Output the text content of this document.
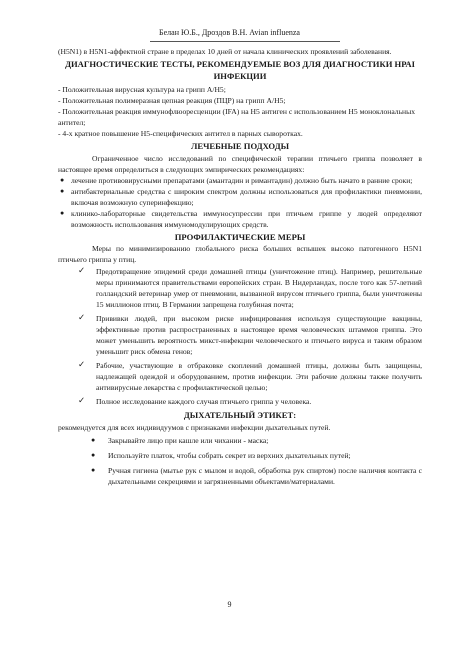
Белан Ю.Б., Дроздов В.Н. Avian influenza

(H5N1) в H5N1-аффектной стране в пределах 10 дней от начала клинических проявлений заболевания.

ДИАГНОСТИЧЕСКИЕ ТЕСТЫ, РЕКОМЕНДУЕМЫЕ ВОЗ ДЛЯ ДИАГНОСТИКИ НРАI ИНФЕКЦИИ
- Положительная вирусная культура на грипп A/H5;
- Положительная полимеразная цепная реакция (ПЦР) на грипп A/H5;
- Положительная реакция иммунофлюоресценции (IFA) на H5 антиген с использованием H5 моноклональных антител;
- 4-х кратное повышение H5-специфических антител в парных сыворотках.
ЛЕЧЕБНЫЕ ПОДХОДЫ

Ограниченное число исследований по специфической терапии птичьего гриппа позволяет в настоящее время определиться в следующих эмпирических рекомендациях:

● лечение противовирусными препаратами (амантадин и римантадин) должно быть начато в ранние сроки;
● антибактериальные средства с широким спектром должны использоваться для профилактики пневмонии, включая возможную суперинфекцию;
● клинико-лабораторные свидетельства иммуносупрессии при птичьем гриппе у людей определяют возможность использования иммуномодулирующих средств.
ПРОФИЛАКТИЧЕСКИЕ МЕРЫ

Меры по минимизированию глобального риска больших вспышек высоко патогенного H5N1 птичьего гриппа у птиц.

✓ Предотвращение эпидемий среди домашней птицы (уничтожение птиц). Например, решительные меры принимаются правительствами европейских стран. В Нидерландах, после того как 57-летний голландский ветеринар умер от пневмонии, вызванной вирусом птичьего гриппа, были уничтожены 15 миллионов птиц. В Германии запрещена голубиная почта;
✓ Прививки людей, при высоком риске инфицирования используя существующие вакцины, эффективные против распространенных в настоящее время человеческих штаммов гриппа. Это может уменьшить вероятность микст-инфекции человеческого и птичьего вируса и таким образом уменьшит риск обмена генов;
✓ Рабочие, участвующие в отбраковке скоплений домашней птицы, должны быть защищены, надлежащей одеждой и оборудованием, против инфекции. Эти рабочие должны также получить антивирусные лекарства с профилактической целью;
✓ Полное исследование каждого случая птичьего гриппа у человека.
ДЫХАТЕЛЬНЫЙ ЭТИКЕТ:

рекомендуется для всех индивидуумов с признаками инфекции дыхательных путей.

● Закрывайте лицо при кашле или чихании - маска;
● Используйте платок, чтобы собрать секрет из верхних дыхательных путей;
● Ручная гигиена (мытье рук с мылом и водой, обработка рук спиртом) после наличия контакта с дыхательными секрециями и загрязненными объектами/материалами.
9
